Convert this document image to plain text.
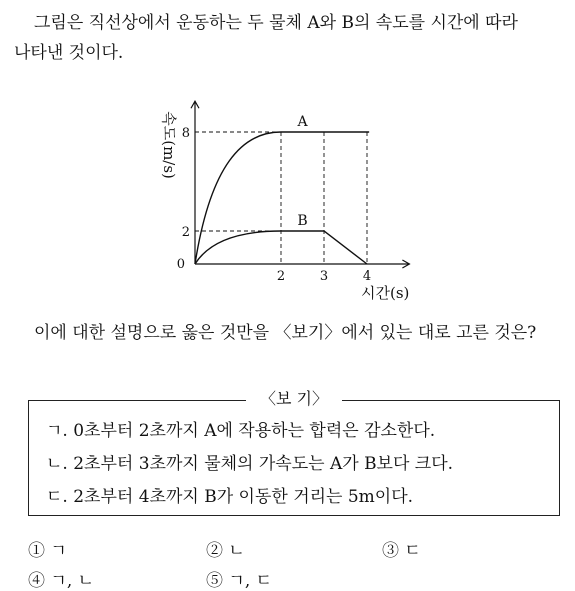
그림은 직선상에서 운동하는 두 물체 A와 B의 속도를 시간에 따라
나타낸 것이다.
A
B
0
2	3	4
2
8
시간(s)
속도(m/s)
이에 대한 설명으로 옳은 것만을 〈보기〉에서 있는 대로 고른 것은?
〈보 기〉
ㄱ. 0초부터 2초까지 A에 작용하는 합력은 감소한다.
ㄴ. 2초부터 3초까지 물체의 가속도는 A가 B보다 크다.
ㄷ. 2초부터 4초까지 B가 이동한 거리는 5m이다.
① ㄱ	② ㄴ	③ ㄷ
④ ㄱ, ㄴ	⑤ ㄱ, ㄷ
